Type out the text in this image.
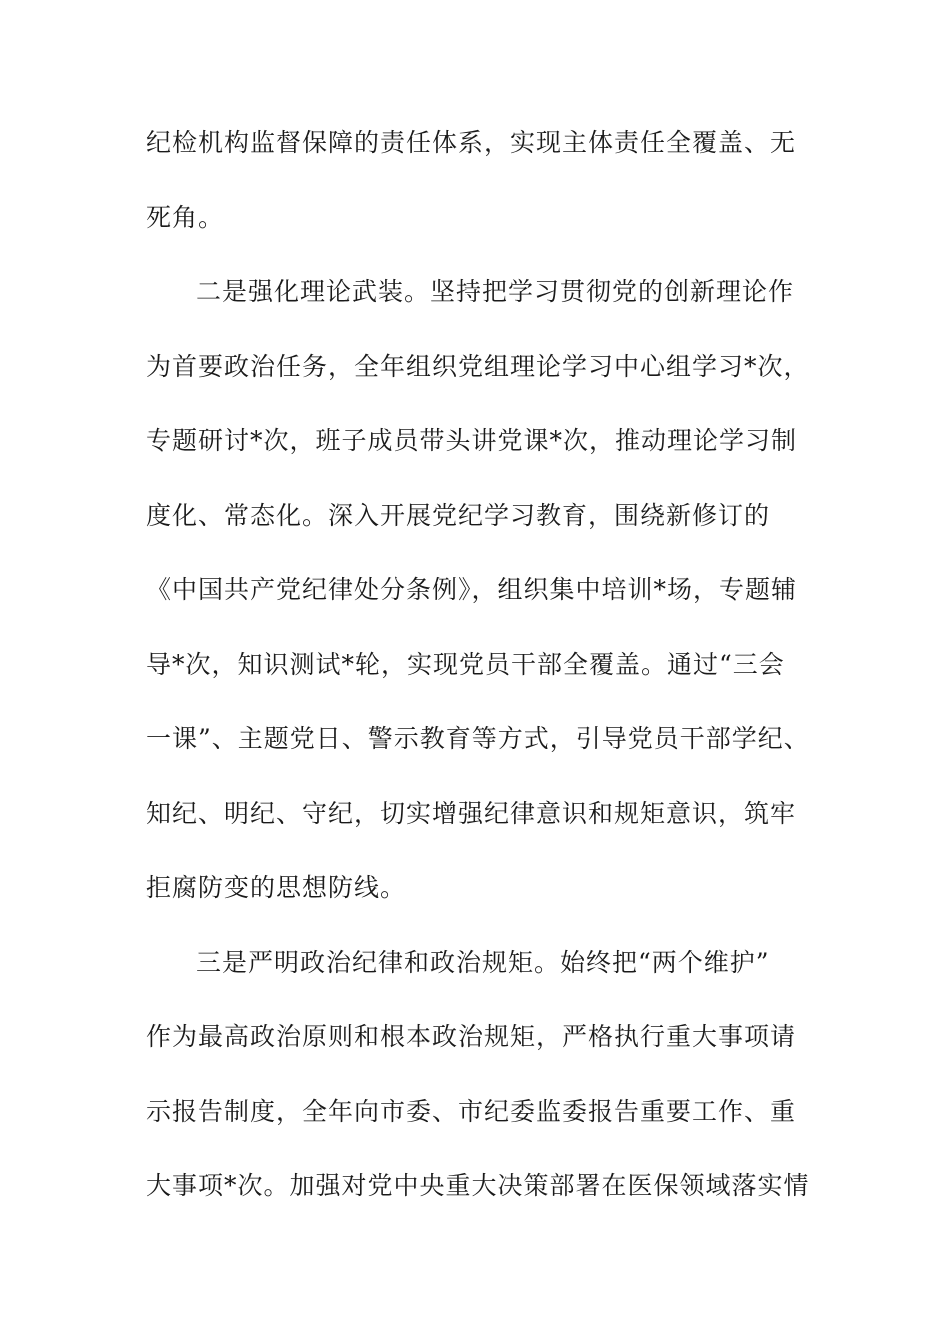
纪检机构监督保障的责任体系，实现主体责任全覆盖、无
死角。
二是强化理论武装。坚持把学习贯彻党的创新理论作
为首要政治任务，全年组织党组理论学习中心组学习*次，
专题研讨*次，班子成员带头讲党课*次，推动理论学习制
度化、常态化。深入开展党纪学习教育，围绕新修订的
《中国共产党纪律处分条例》，组织集中培训*场，专题辅
导*次，知识测试*轮，实现党员干部全覆盖。通过“三会
一课”、主题党日、警示教育等方式，引导党员干部学纪、
知纪、明纪、守纪，切实增强纪律意识和规矩意识，筑牢
拒腐防变的思想防线。
三是严明政治纪律和政治规矩。始终把“两个维护”
作为最高政治原则和根本政治规矩，严格执行重大事项请
示报告制度，全年向市委、市纪委监委报告重要工作、重
大事项*次。加强对党中央重大决策部署在医保领域落实情
